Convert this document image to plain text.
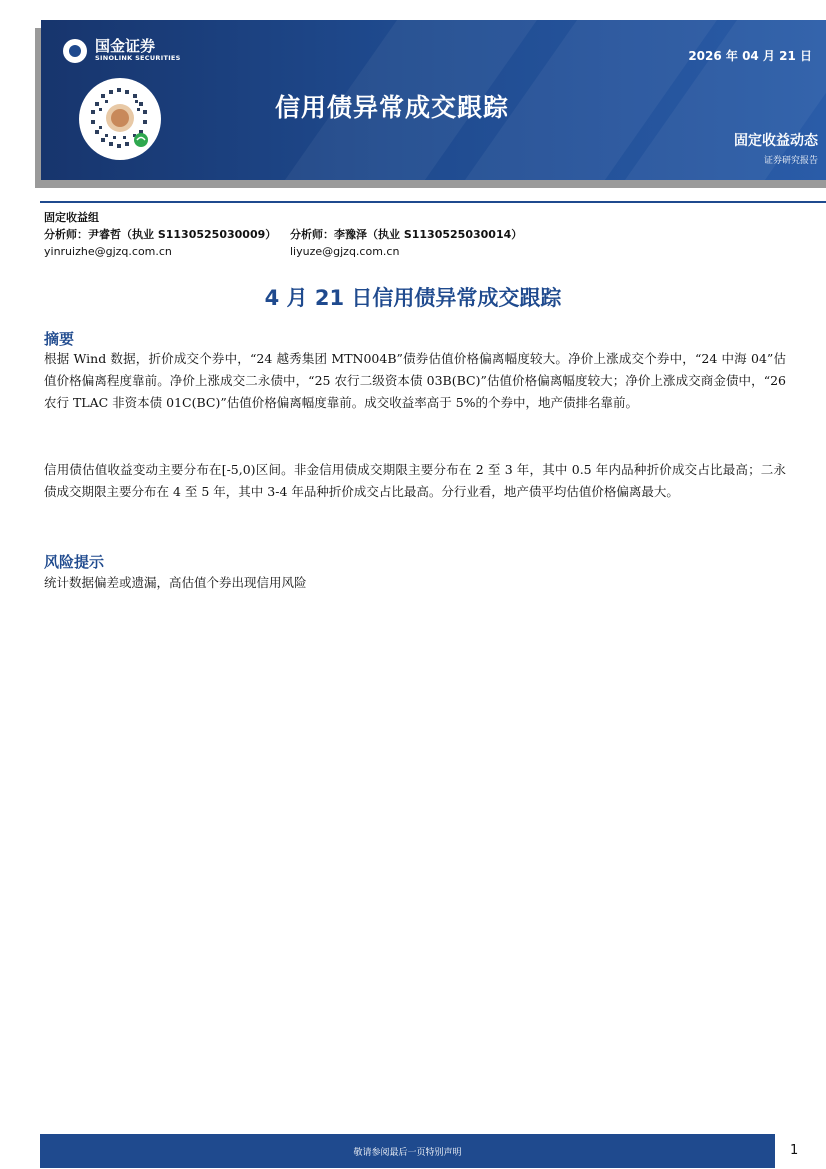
国金证券
SINOLINK SECURITIES	2026 年 04 月 21 日
信用债异常成交跟踪
固定收益动态
证券研究报告
固定收益组
分析师：尹睿哲（执业 S1130525030009）
yinruizhe@gjzq.com.cn
分析师：李豫泽（执业 S1130525030014）
liyuze@gjzq.com.cn
4 月 21 日信用债异常成交跟踪
摘要
根据 Wind 数据，折价成交个券中，“24 越秀集团 MTN004B”债券估值价格偏离幅度较大。净价上涨成交个券中，“24 中海 04”估值价格偏离程度靠前。净价上涨成交二永债中，“25 农行二级资本债 03B(BC)”估值价格偏离幅度较大；净价上涨成交商金债中，“26 农行 TLAC 非资本债 01C(BC)”估值价格偏离幅度靠前。成交收益率高于 5%的个券中，地产债排名靠前。
信用债估值收益变动主要分布在[-5,0)区间。非金信用债成交期限主要分布在 2 至 3 年，其中 0.5 年内品种折价成交占比最高；二永债成交期限主要分布在 4 至 5 年，其中 3-4 年品种折价成交占比最高。分行业看，地产债平均估值价格偏离最大。
风险提示
统计数据偏差或遗漏，高估值个券出现信用风险
敬请参阅最后一页特别声明	1
